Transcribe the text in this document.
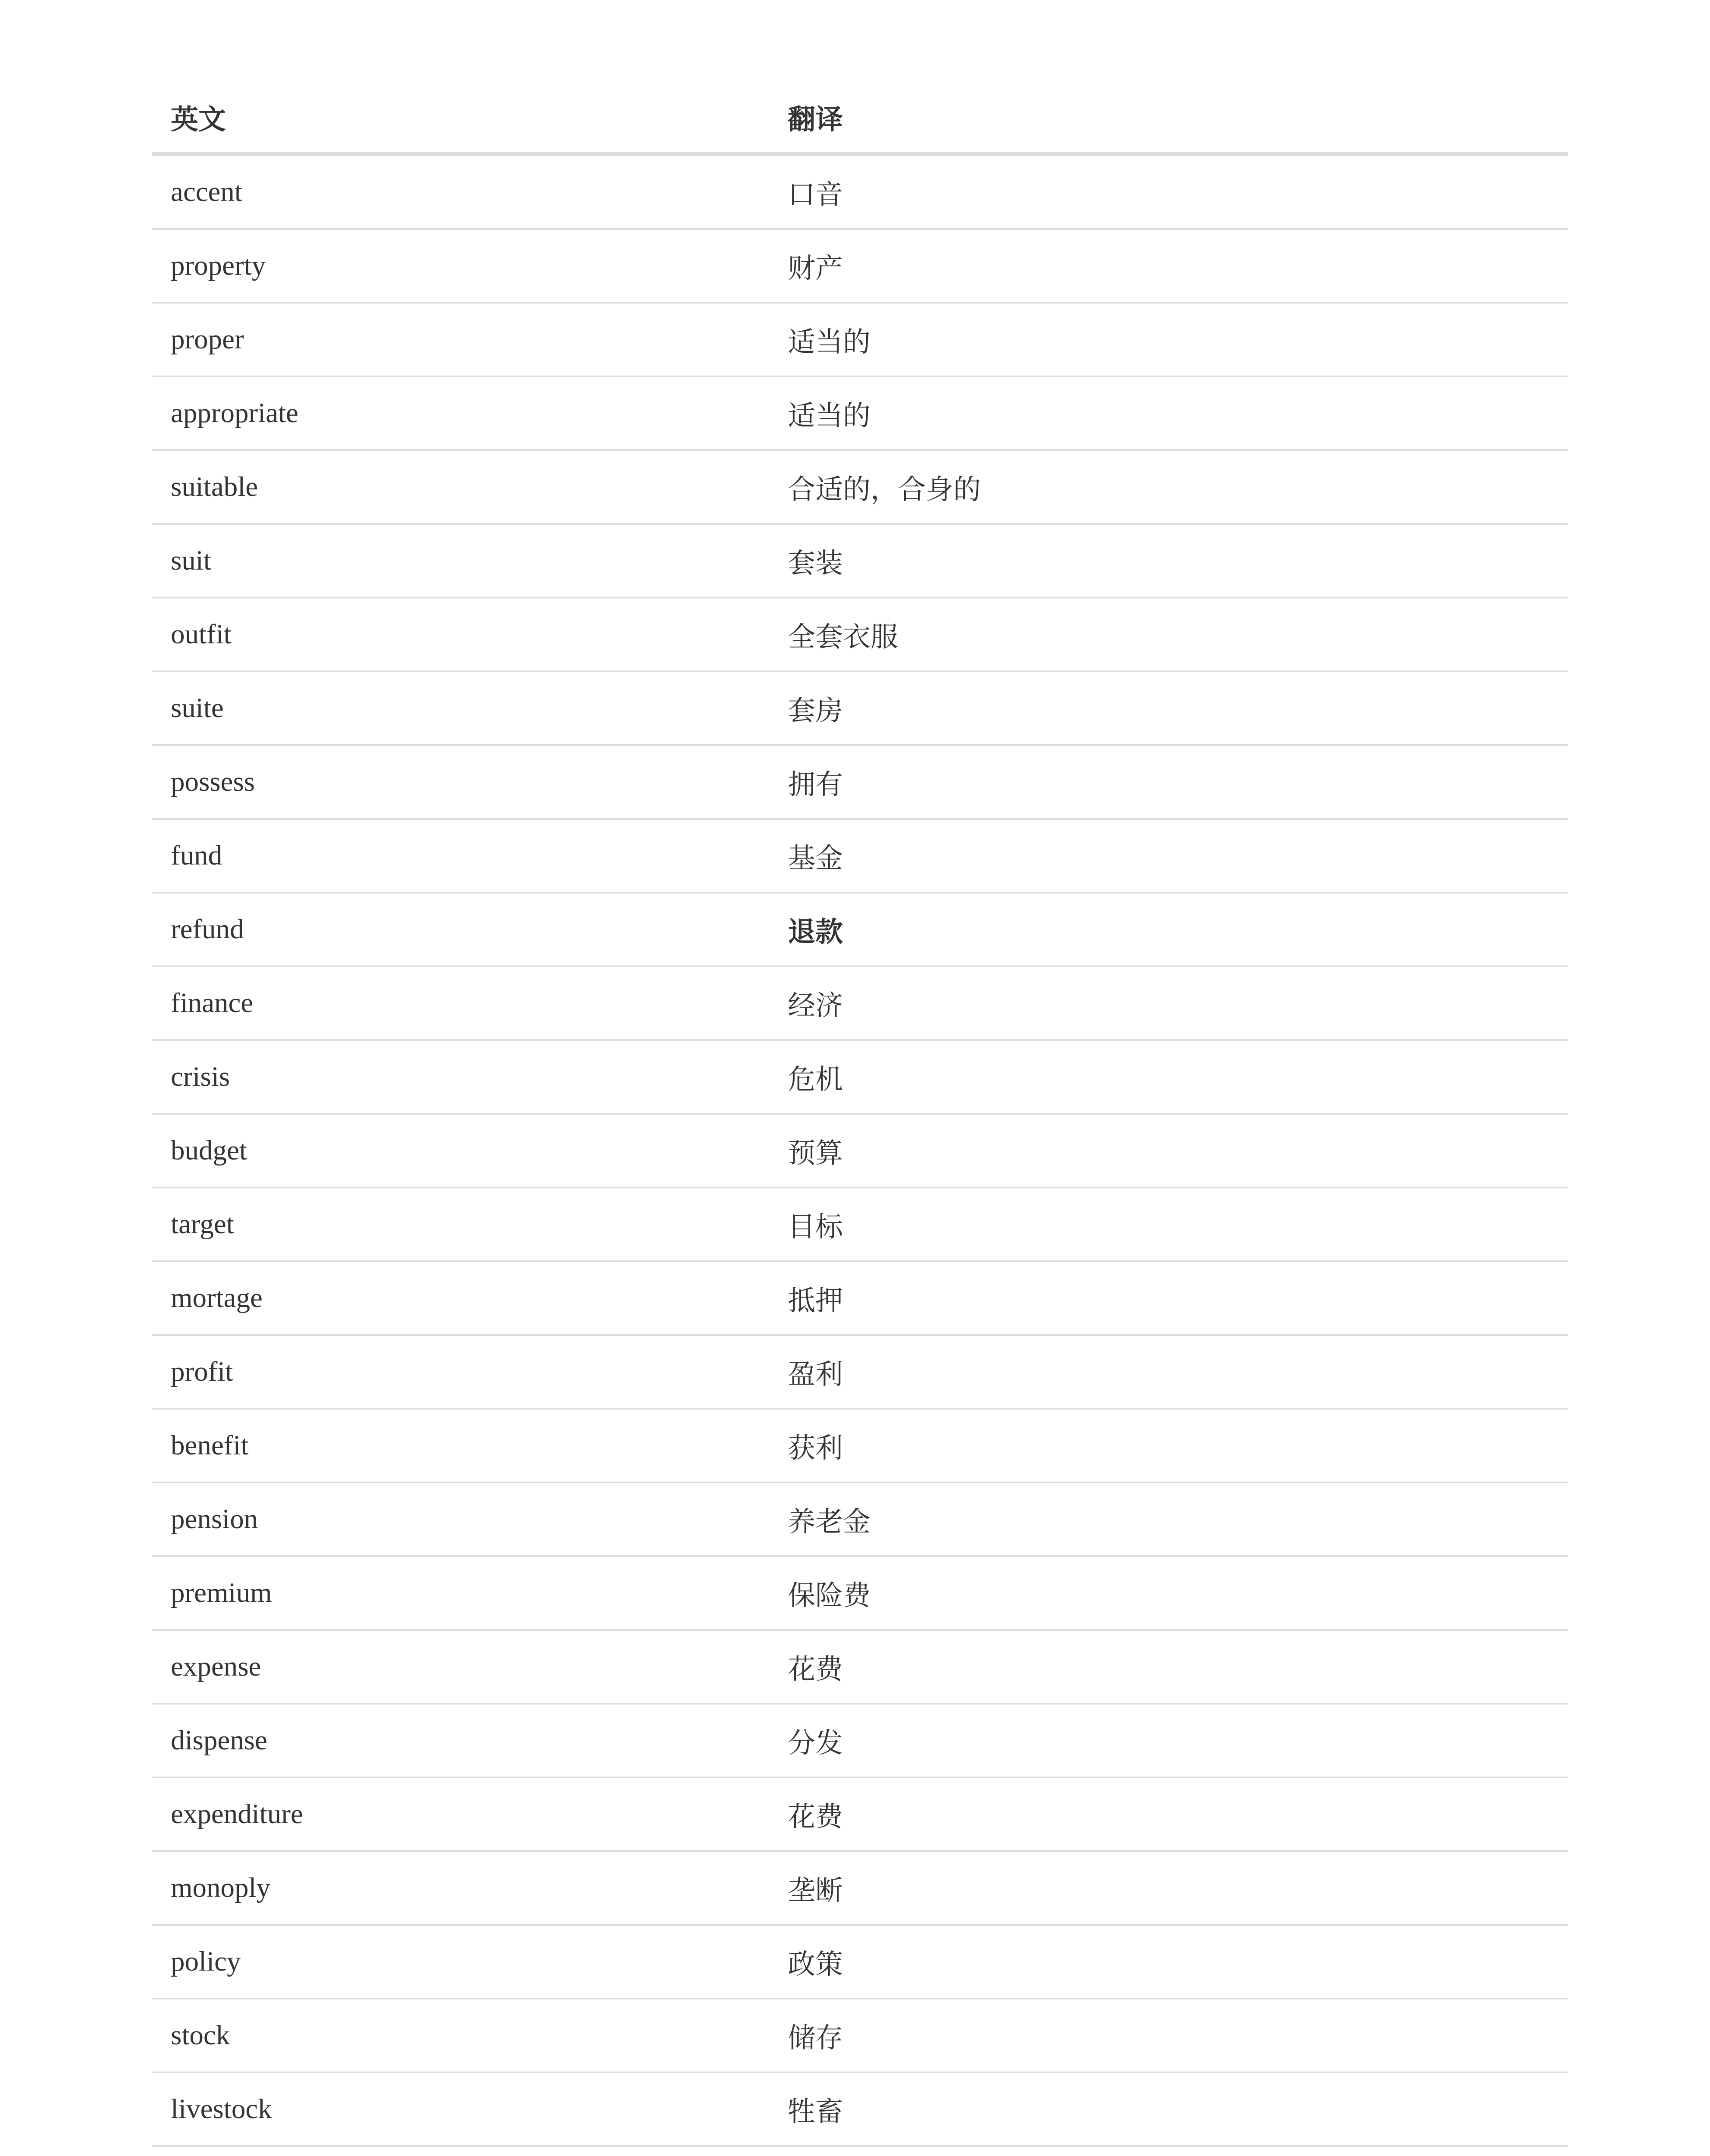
英文	翻译
accent	口音
property	财产
proper	适当的
appropriate	适当的
suitable	合适的，合身的
suit	套装
outfit	全套衣服
suite	套房
possess	拥有
fund	基金
refund	退款
finance	经济
crisis	危机
budget	预算
target	目标
mortage	抵押
profit	盈利
benefit	获利
pension	养老金
premium	保险费
expense	花费
dispense	分发
expenditure	花费
monoply	垄断
policy	政策
stock	储存
livestock	牲畜
